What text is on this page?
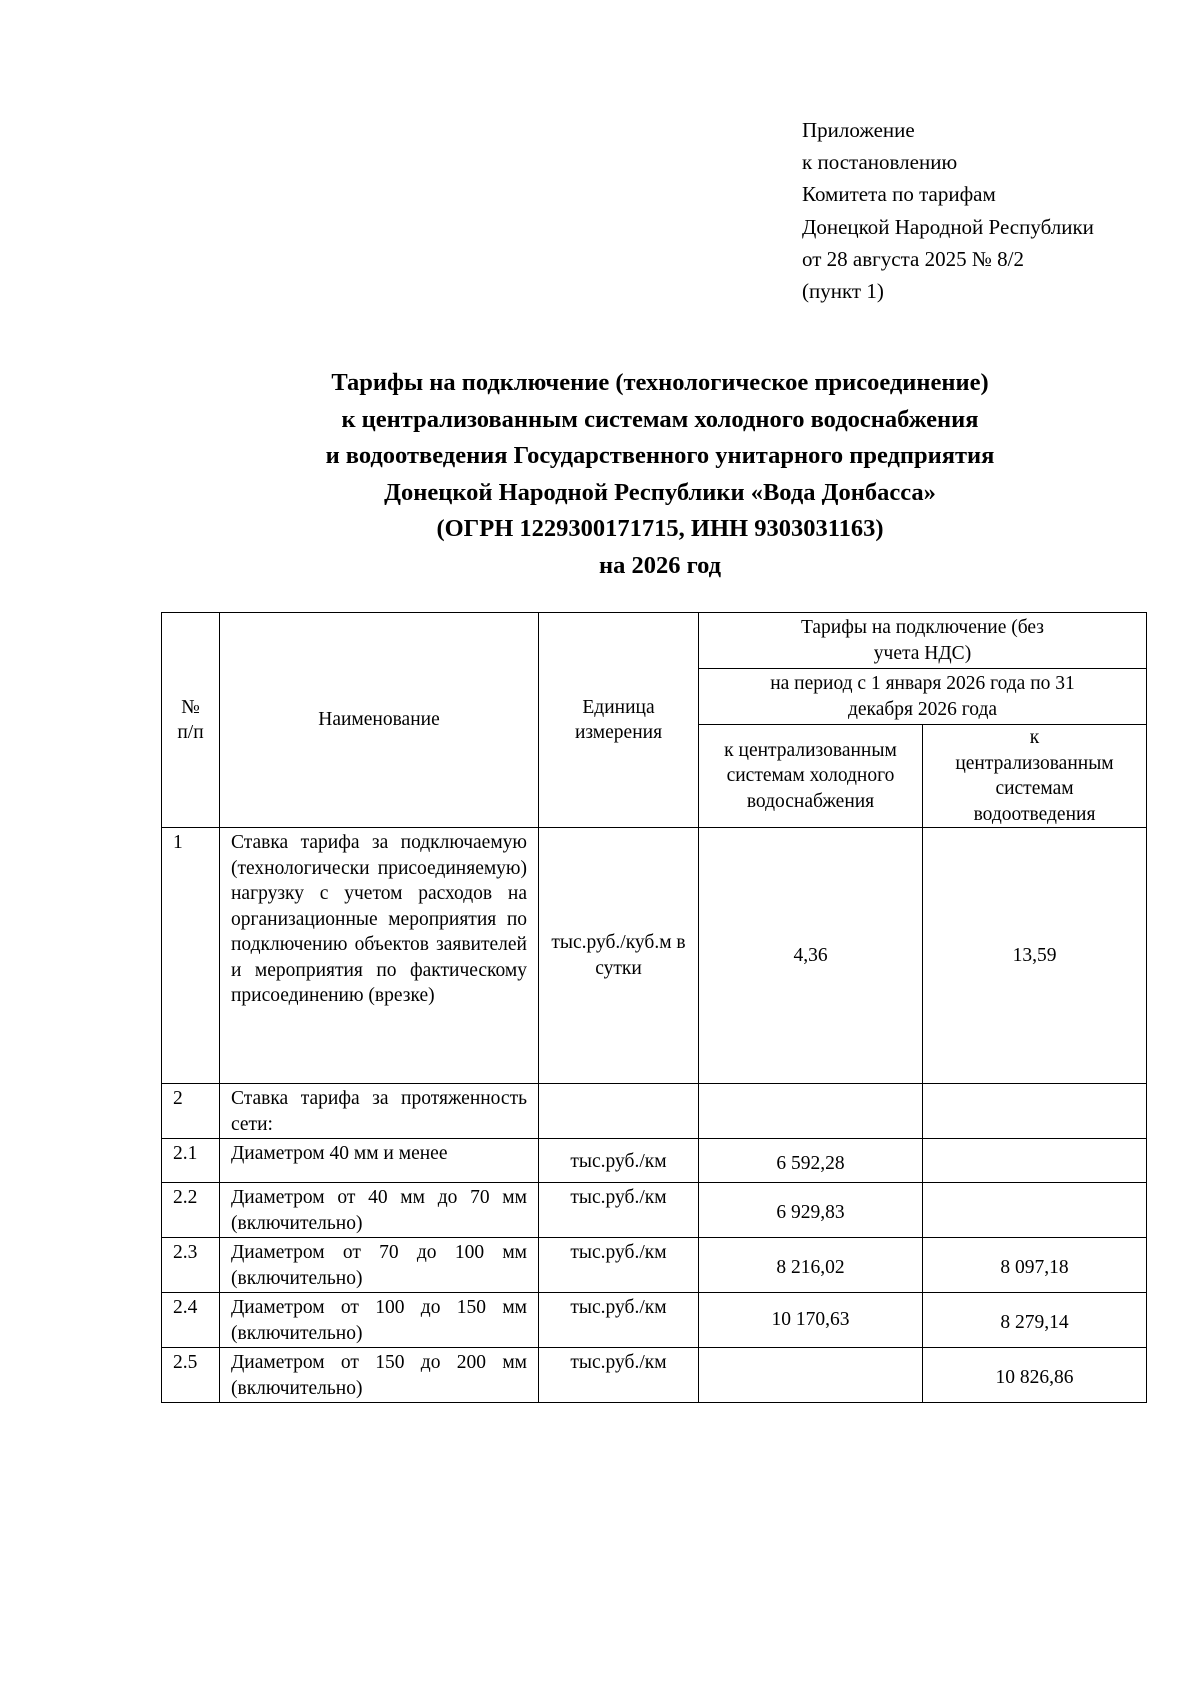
Приложение
к постановлению
Комитета по тарифам
Донецкой Народной Республики
от 28 августа 2025 № 8/2
(пункт 1)
Тарифы на подключение (технологическое присоединение)
к централизованным системам холодного водоснабжения
и водоотведения Государственного унитарного предприятия
Донецкой Народной Республики «Вода Донбасса»
(ОГРН 1229300171715, ИНН 9303031163)
на 2026 год
№ п/п	Наименование	Единица измерения	Тарифы на подключение (без учета НДС)	
			на период с 1 января 2026 года по 31 декабря 2026 года	
			к централизованным системам холодного водоснабжения	к централизованным системам водоотведения
1	Ставка тарифа за подключаемую (технологически присоединяемую) нагрузку с учетом расходов на организационные мероприятия по подключению объектов заявителей и мероприятия по фактическому присоединению (врезке)	тыс.руб./куб.м в сутки	4,36	13,59
2	Ставка тарифа за протяженность сети:			
2.1	Диаметром 40 мм и менее	тыс.руб./км	6 592,28	
2.2	Диаметром от 40 мм до 70 мм (включительно)	тыс.руб./км	6 929,83	
2.3	Диаметром от 70 до 100 мм (включительно)	тыс.руб./км	8 216,02	8 097,18
2.4	Диаметром от 100 до 150 мм (включительно)	тыс.руб./км	10 170,63	8 279,14
2.5	Диаметром от 150 до 200 мм (включительно)	тыс.руб./км		10 826,86
